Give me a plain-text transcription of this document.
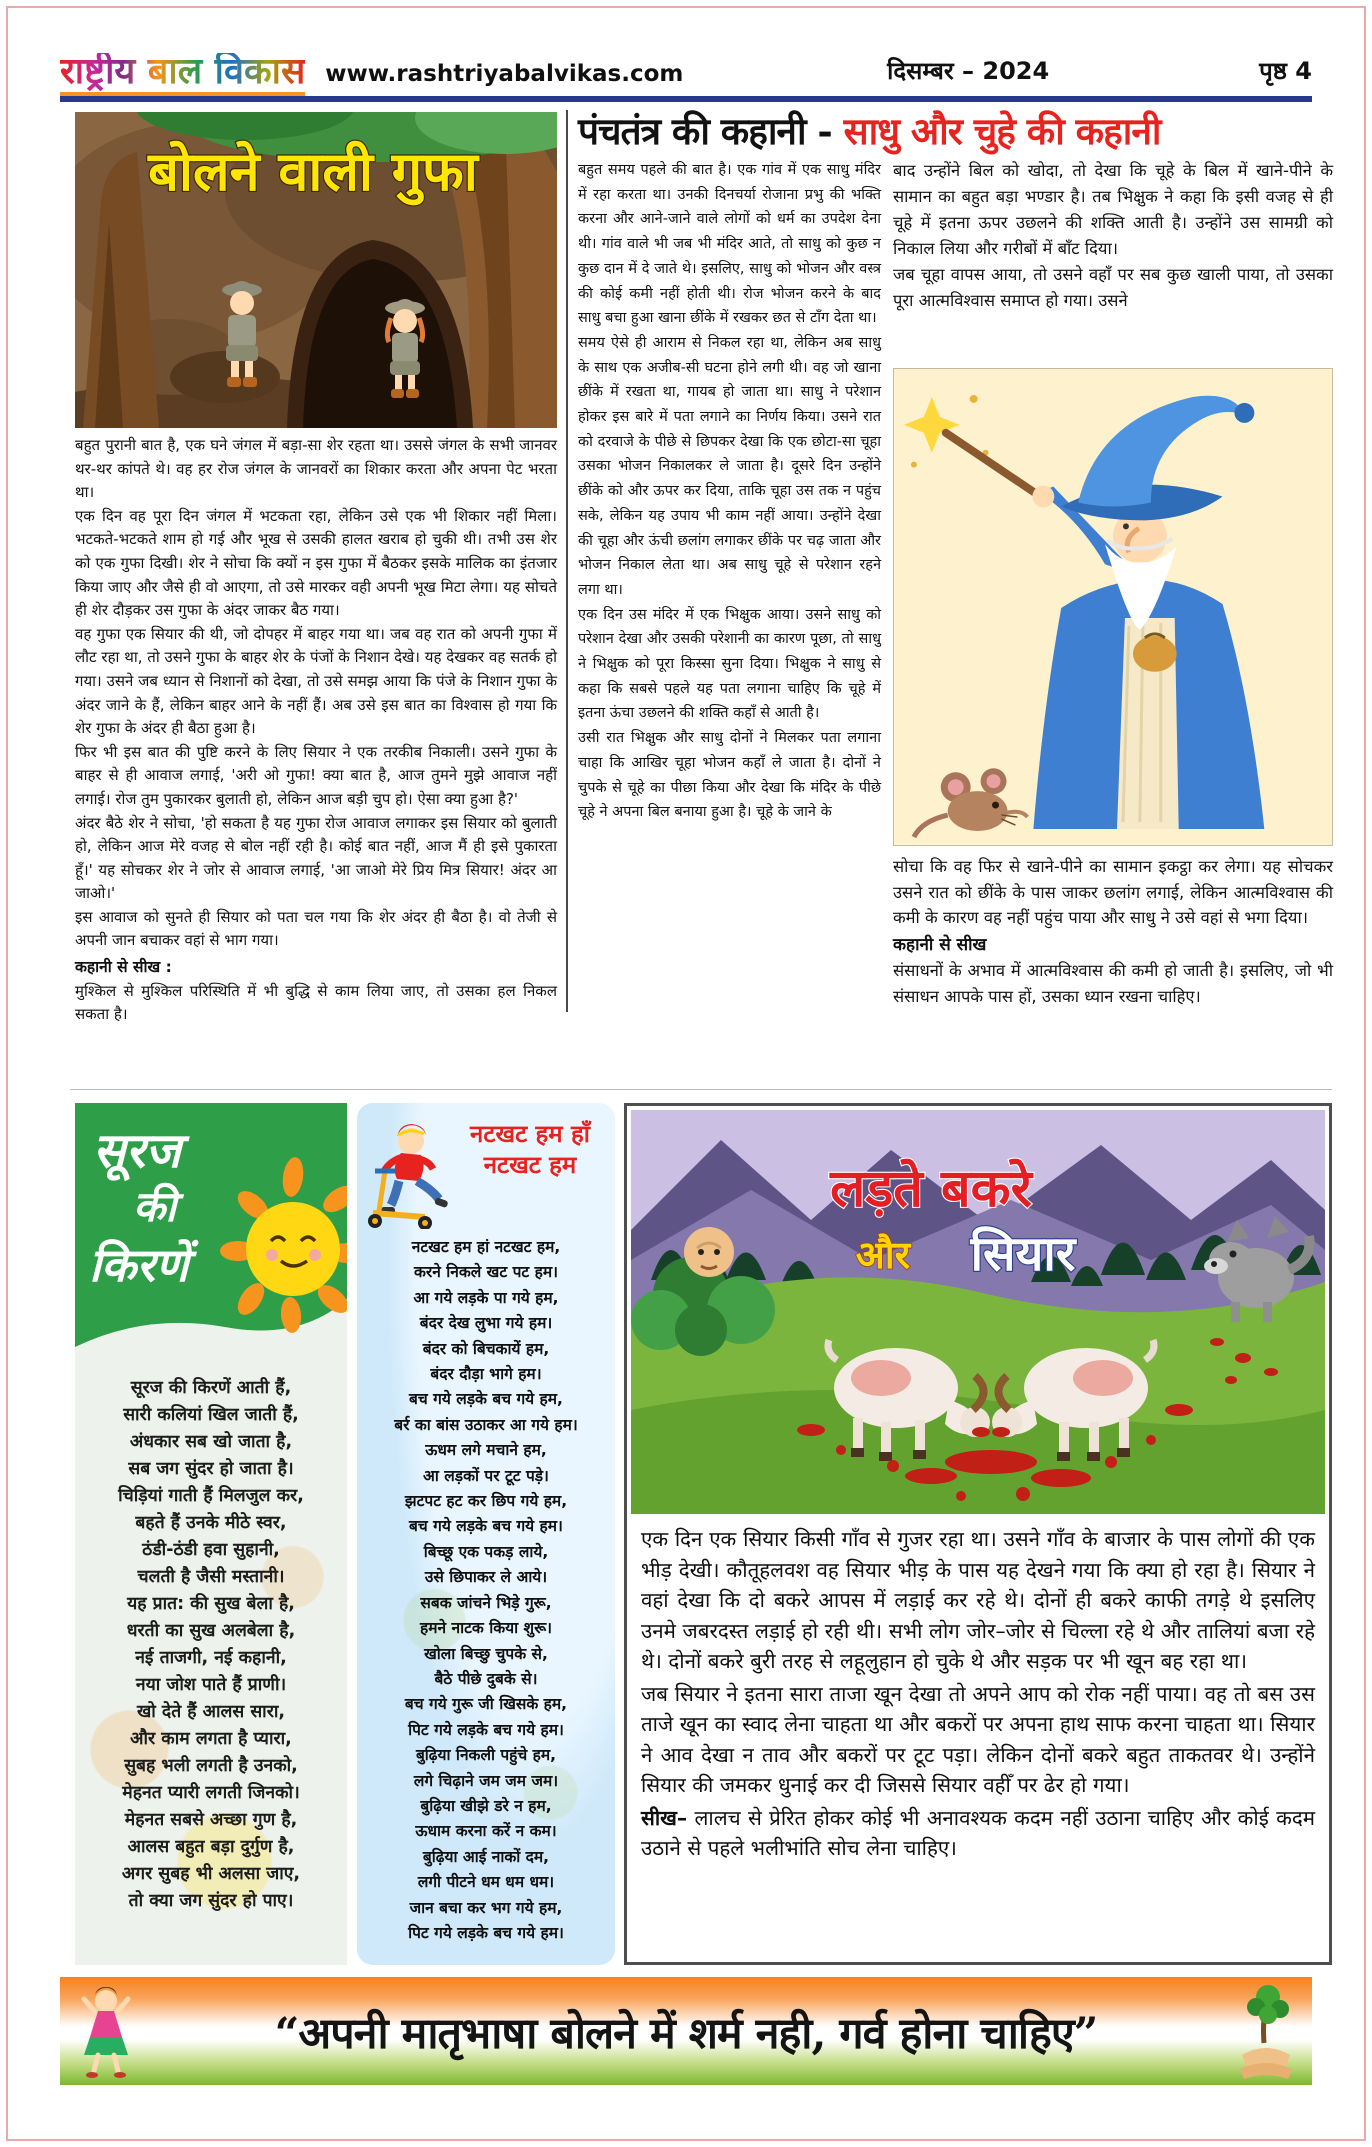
राष्ट्रीय बाल विकास www.rashtriyabalvikas.com	दिसम्बर – 2024	पृष्ठ 4
बोलने वाली गुफा

बहुत पुरानी बात है, एक घने जंगल में बड़ा-सा शेर रहता था। उससे जंगल के सभी जानवर थर-थर कांपते थे। वह हर रोज जंगल के जानवरों का शिकार करता और अपना पेट भरता था।

एक दिन वह पूरा दिन जंगल में भटकता रहा, लेकिन उसे एक भी शिकार नहीं मिला। भटकते-भटकते शाम हो गई और भूख से उसकी हालत खराब हो चुकी थी। तभी उस शेर को एक गुफा दिखी। शेर ने सोचा कि क्यों न इस गुफा में बैठकर इसके मालिक का इंतजार किया जाए और जैसे ही वो आएगा, तो उसे मारकर वही अपनी भूख मिटा लेगा। यह सोचते ही शेर दौड़कर उस गुफा के अंदर जाकर बैठ गया।

वह गुफा एक सियार की थी, जो दोपहर में बाहर गया था। जब वह रात को अपनी गुफा में लौट रहा था, तो उसने गुफा के बाहर शेर के पंजों के निशान देखे। यह देखकर वह सतर्क हो गया। उसने जब ध्यान से निशानों को देखा, तो उसे समझ आया कि पंजे के निशान गुफा के अंदर जाने के हैं, लेकिन बाहर आने के नहीं हैं। अब उसे इस बात का विश्वास हो गया कि शेर गुफा के अंदर ही बैठा हुआ है।

फिर भी इस बात की पुष्टि करने के लिए सियार ने एक तरकीब निकाली। उसने गुफा के बाहर से ही आवाज लगाई, 'अरी ओ गुफा! क्या बात है, आज तुमने मुझे आवाज नहीं लगाई। रोज तुम पुकारकर बुलाती हो, लेकिन आज बड़ी चुप हो। ऐसा क्या हुआ है?'

अंदर बैठे शेर ने सोचा, 'हो सकता है यह गुफा रोज आवाज लगाकर इस सियार को बुलाती हो, लेकिन आज मेरे वजह से बोल नहीं रही है। कोई बात नहीं, आज मैं ही इसे पुकारता हूँ।' यह सोचकर शेर ने जोर से आवाज लगाई, 'आ जाओ मेरे प्रिय मित्र सियार! अंदर आ जाओ।'

इस आवाज को सुनते ही सियार को पता चल गया कि शेर अंदर ही बैठा है। वो तेजी से अपनी जान बचाकर वहां से भाग गया।

कहानी से सीख :

मुश्किल से मुश्किल परिस्थिति में भी बुद्धि से काम लिया जाए, तो उसका हल निकल सकता है।

पंचतंत्र की कहानी - साधु और चुहे की कहानी

बहुत समय पहले की बात है। एक गांव में एक साधु मंदिर में रहा करता था। उनकी दिनचर्या रोजाना प्रभु की भक्ति करना और आने-जाने वाले लोगों को धर्म का उपदेश देना थी। गांव वाले भी जब भी मंदिर आते, तो साधु को कुछ न कुछ दान में दे जाते थे। इसलिए, साधु को भोजन और वस्त्र की कोई कमी नहीं होती थी। रोज भोजन करने के बाद साधु बचा हुआ खाना छींके में रखकर छत से टाँग देता था।

समय ऐसे ही आराम से निकल रहा था, लेकिन अब साधु के साथ एक अजीब-सी घटना होने लगी थी। वह जो खाना छींके में रखता था, गायब हो जाता था। साधु ने परेशान होकर इस बारे में पता लगाने का निर्णय किया। उसने रात को दरवाजे के पीछे से छिपकर देखा कि एक छोटा-सा चूहा उसका भोजन निकालकर ले जाता है। दूसरे दिन उन्होंने छींके को और ऊपर कर दिया, ताकि चूहा उस तक न पहुंच सके, लेकिन यह उपाय भी काम नहीं आया। उन्होंने देखा की चूहा और ऊंची छलांग लगाकर छींके पर चढ़ जाता और भोजन निकाल लेता था। अब साधु चूहे से परेशान रहने लगा था।

एक दिन उस मंदिर में एक भिक्षुक आया। उसने साधु को परेशान देखा और उसकी परेशानी का कारण पूछा, तो साधु ने भिक्षुक को पूरा किस्सा सुना दिया। भिक्षुक ने साधु से कहा कि सबसे पहले यह पता लगाना चाहिए कि चूहे में इतना ऊंचा उछलने की शक्ति कहाँ से आती है।

उसी रात भिक्षुक और साधु दोनों ने मिलकर पता लगाना चाहा कि आखिर चूहा भोजन कहाँ ले जाता है। दोनों ने चुपके से चूहे का पीछा किया और देखा कि मंदिर के पीछे चूहे ने अपना बिल बनाया हुआ है। चूहे के जाने के

बाद उन्होंने बिल को खोदा, तो देखा कि चूहे के बिल में खाने-पीने के सामान का बहुत बड़ा भण्डार है। तब भिक्षुक ने कहा कि इसी वजह से ही चूहे में इतना ऊपर उछलने की शक्ति आती है। उन्होंने उस सामग्री को निकाल लिया और गरीबों में बाँट दिया।

जब चूहा वापस आया, तो उसने वहाँ पर सब कुछ खाली पाया, तो उसका पूरा आत्मविश्वास समाप्त हो गया। उसने

सोचा कि वह फिर से खाने-पीने का सामान इकट्ठा कर लेगा। यह सोचकर उसने रात को छींके के पास जाकर छलांग लगाई, लेकिन आत्मविश्वास की कमी के कारण वह नहीं पहुंच पाया और साधु ने उसे वहां से भगा दिया।

कहानी से सीख

संसाधनों के अभाव में आत्मविश्वास की कमी हो जाती है। इसलिए, जो भी संसाधन आपके पास हों, उसका ध्यान रखना चाहिए।

सूरज
की
किरणें
सूरज की किरणें आती हैं,
सारी कलियां खिल जाती हैं,
अंधकार सब खो जाता है,
सब जग सुंदर हो जाता है।
चिड़ियां गाती हैं मिलजुल कर,
बहते हैं उनके मीठे स्वर,
ठंडी-ठंडी हवा सुहानी,
चलती है जैसी मस्तानी।
यह प्रात: की सुख बेला है,
धरती का सुख अलबेला है,
नई ताजगी, नई कहानी,
नया जोश पाते हैं प्राणी।
खो देते हैं आलस सारा,
और काम लगता है प्यारा,
सुबह भली लगती है उनको,
मेहनत प्यारी लगती जिनको।
मेहनत सबसे अच्छा गुण है,
आलस बहुत बड़ा दुर्गुण है,
अगर सुबह भी अलसा जाए,
तो क्या जग सुंदर हो पाए।
नटखट हम हाँ
नटखट हम
नटखट हम हां नटखट हम,
करने निकले खट पट हम।
आ गये लड़के पा गये हम,
बंदर देख लुभा गये हम।
बंदर को बिचकायें हम,
बंदर दौड़ा भागे हम।
बच गये लड़के बच गये हम,
बर्र का बांस उठाकर आ गये हम।
ऊधम लगे मचाने हम,
आ लड़कों पर टूट पड़े।
झटपट हट कर छिप गये हम,
बच गये लड़के बच गये हम।
बिच्छू एक पकड़ लाये,
उसे छिपाकर ले आये।
सबक जांचने भिड़े गुरू,
हमने नाटक किया शुरू।
खोला बिच्छु चुपके से,
बैठे पीछे दुबके से।
बच गये गुरू जी खिसके हम,
पिट गये लड़के बच गये हम।
बुढ़िया निकली पहुंचे हम,
लगे चिढ़ाने जम जम जम।
बुढ़िया खीझे डरे न हम,
ऊधाम करना करें न कम।
बुढ़िया आई नाकों दम,
लगी पीटने धम धम धम।
जान बचा कर भग गये हम,
पिट गये लड़के बच गये हम।
लड़ते बकरे
और सियार

एक दिन एक सियार किसी गाँव से गुजर रहा था। उसने गाँव के बाजार के पास लोगों की एक भीड़ देखी। कौतूहलवश वह सियार भीड़ के पास यह देखने गया कि क्या हो रहा है। सियार ने वहां देखा कि दो बकरे आपस में लड़ाई कर रहे थे। दोनों ही बकरे काफी तगड़े थे इसलिए उनमे जबरदस्त लड़ाई हो रही थी। सभी लोग जोर–जोर से चिल्ला रहे थे और तालियां बजा रहे थे। दोनों बकरे बुरी तरह से लहूलुहान हो चुके थे और सड़क पर भी खून बह रहा था।

जब सियार ने इतना सारा ताजा खून देखा तो अपने आप को रोक नहीं पाया। वह तो बस उस ताजे खून का स्वाद लेना चाहता था और बकरों पर अपना हाथ साफ करना चाहता था। सियार ने आव देखा न ताव और बकरों पर टूट पड़ा। लेकिन दोनों बकरे बहुत ताकतवर थे। उन्होंने सियार की जमकर धुनाई कर दी जिससे सियार वहीँ पर ढेर हो गया।

सीख– लालच से प्रेरित होकर कोई भी अनावश्यक कदम नहीं उठाना चाहिए और कोई कदम उठाने से पहले भलीभांति सोच लेना चाहिए।

“अपनी मातृभाषा बोलने में शर्म नही, गर्व होना चाहिए”
